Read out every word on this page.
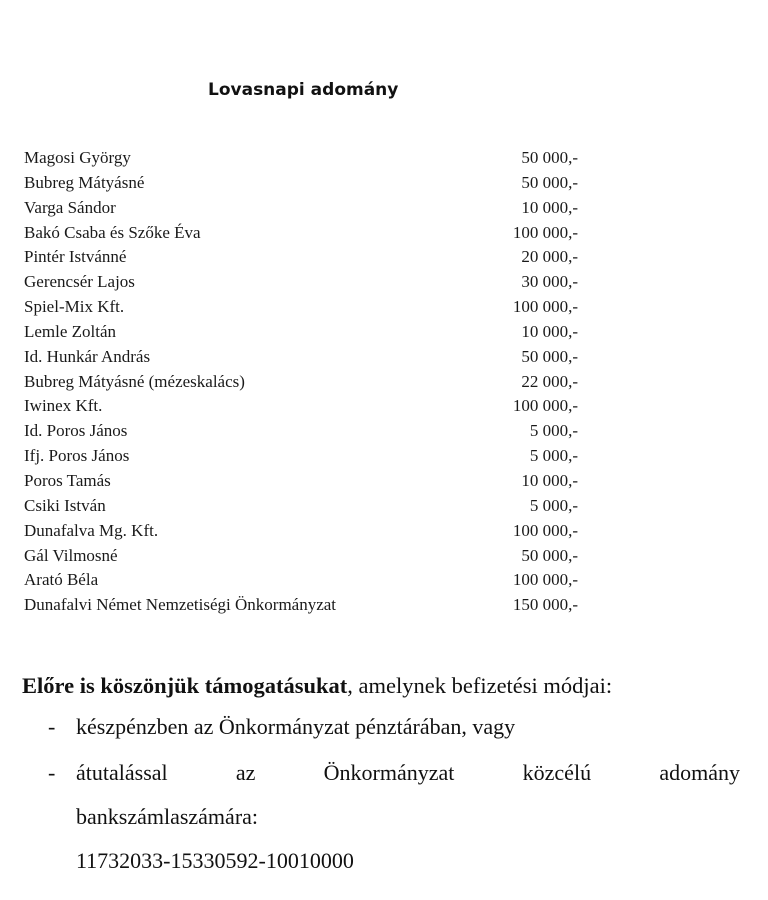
Lovasnapi adomány
Magosi György	50 000,-
Bubreg Mátyásné	50 000,-
Varga Sándor	10 000,-
Bakó Csaba és Szőke Éva	100 000,-
Pintér Istvánné	20 000,-
Gerencsér Lajos	30 000,-
Spiel-Mix Kft.	100 000,-
Lemle Zoltán	10 000,-
Id. Hunkár András	50 000,-
Bubreg Mátyásné (mézeskalács)	22 000,-
Iwinex Kft.	100 000,-
Id. Poros János	5 000,-
Ifj. Poros János	5 000,-
Poros Tamás	10 000,-
Csiki István	5 000,-
Dunafalva Mg. Kft.	100 000,-
Gál Vilmosné	50 000,-
Arató Béla	100 000,-
Dunafalvi Német Nemzetiségi Önkormányzat	150 000,-
Előre is köszönjük támogatásukat, amelynek befizetési módjai:
- készpénzben az Önkormányzat pénztárában, vagy
- átutalással	az	Önkormányzat	közcélú	adomány
bankszámlaszámára:
11732033-15330592-10010000
